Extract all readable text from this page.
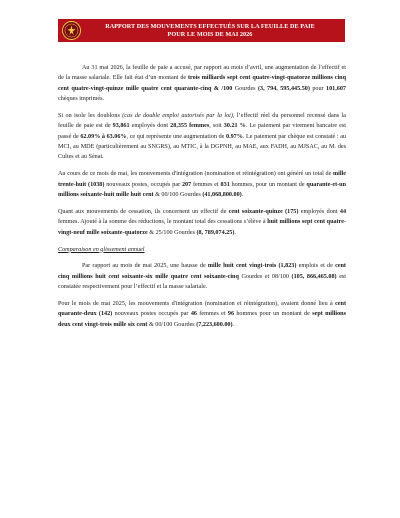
RAPPORT DES MOUVEMENTS EFFECTUÉS SUR LA FEUILLE DE PAIE
POUR LE MOIS DE MAI 2026

Au 31 mai 2026, la feuille de paie a accusé, par rapport au mois d’avril, une augmentation de l’effectif et de la masse salariale. Elle fait état d’un montant de trois milliards sept cent quatre-vingt-quatorze millions cinq cent quatre-vingt-quinze mille quatre cent quarante-cinq & /100 Gourdes (3, 794, 595,445.50) pour 101,607 chèques imprimés.

Si on isole les doublons (cas de double emploi autorisés par la loi), l’effectif réel du personnel recensé dans la feuille de paie est de 93,861 employés dont 28,355 femmes, soit 30.21 %. Le paiement par virement bancaire est passé de 62.09% à 63.06%, ce qui représente une augmentation de 0.97%. Le paiement par chèque est constaté : au MCI, au MDE (particulièrement au SNGRS), au MTIC, à la DGPNH, au MAE, aux FADH, au MJSAC, au M. des Cultes et au Sénat.

Au cours de ce mois de mai, les mouvements d'intégration (nomination et réintégration) ont généré un total de mille trente-huit (1038) nouveaux postes, occupés par 207 femmes et 831 hommes, pour un montant de quarante-et-un millions soixante-huit mille huit cent & 00/100 Gourdes (41,068,800.00).

Quant aux mouvements de cessation, ils concernent un effectif de cent soixante-quinze (175) employés dont 44 femmes. Ajouté à la somme des réductions, le montant total des cessations s’élève à huit millions sept cent quatre-vingt-neuf mille soixante-quatorze & 25/100 Gourdes (8, 789,074.25).

Comparaison en glissement annuel

Par rapport au mois de mai 2025, une hausse de mille huit cent vingt-trois (1,823) emplois et de cent cinq millions huit cent soixante-six mille quatre cent soixante-cinq Gourdes et 08/100 (105, 866,465.08) est constatée respectivement pour l’effectif et la masse salariale.

Pour le mois de mai 2025, les mouvements d'intégration (nomination et réintégration), avaient donné lieu à cent quarante-deux (142) nouveaux postes occupés par 46 femmes et 96 hommes pour un montant de sept millions deux cent vingt-trois mille six cent & 00/100 Gourdes (7,223,600.00).
